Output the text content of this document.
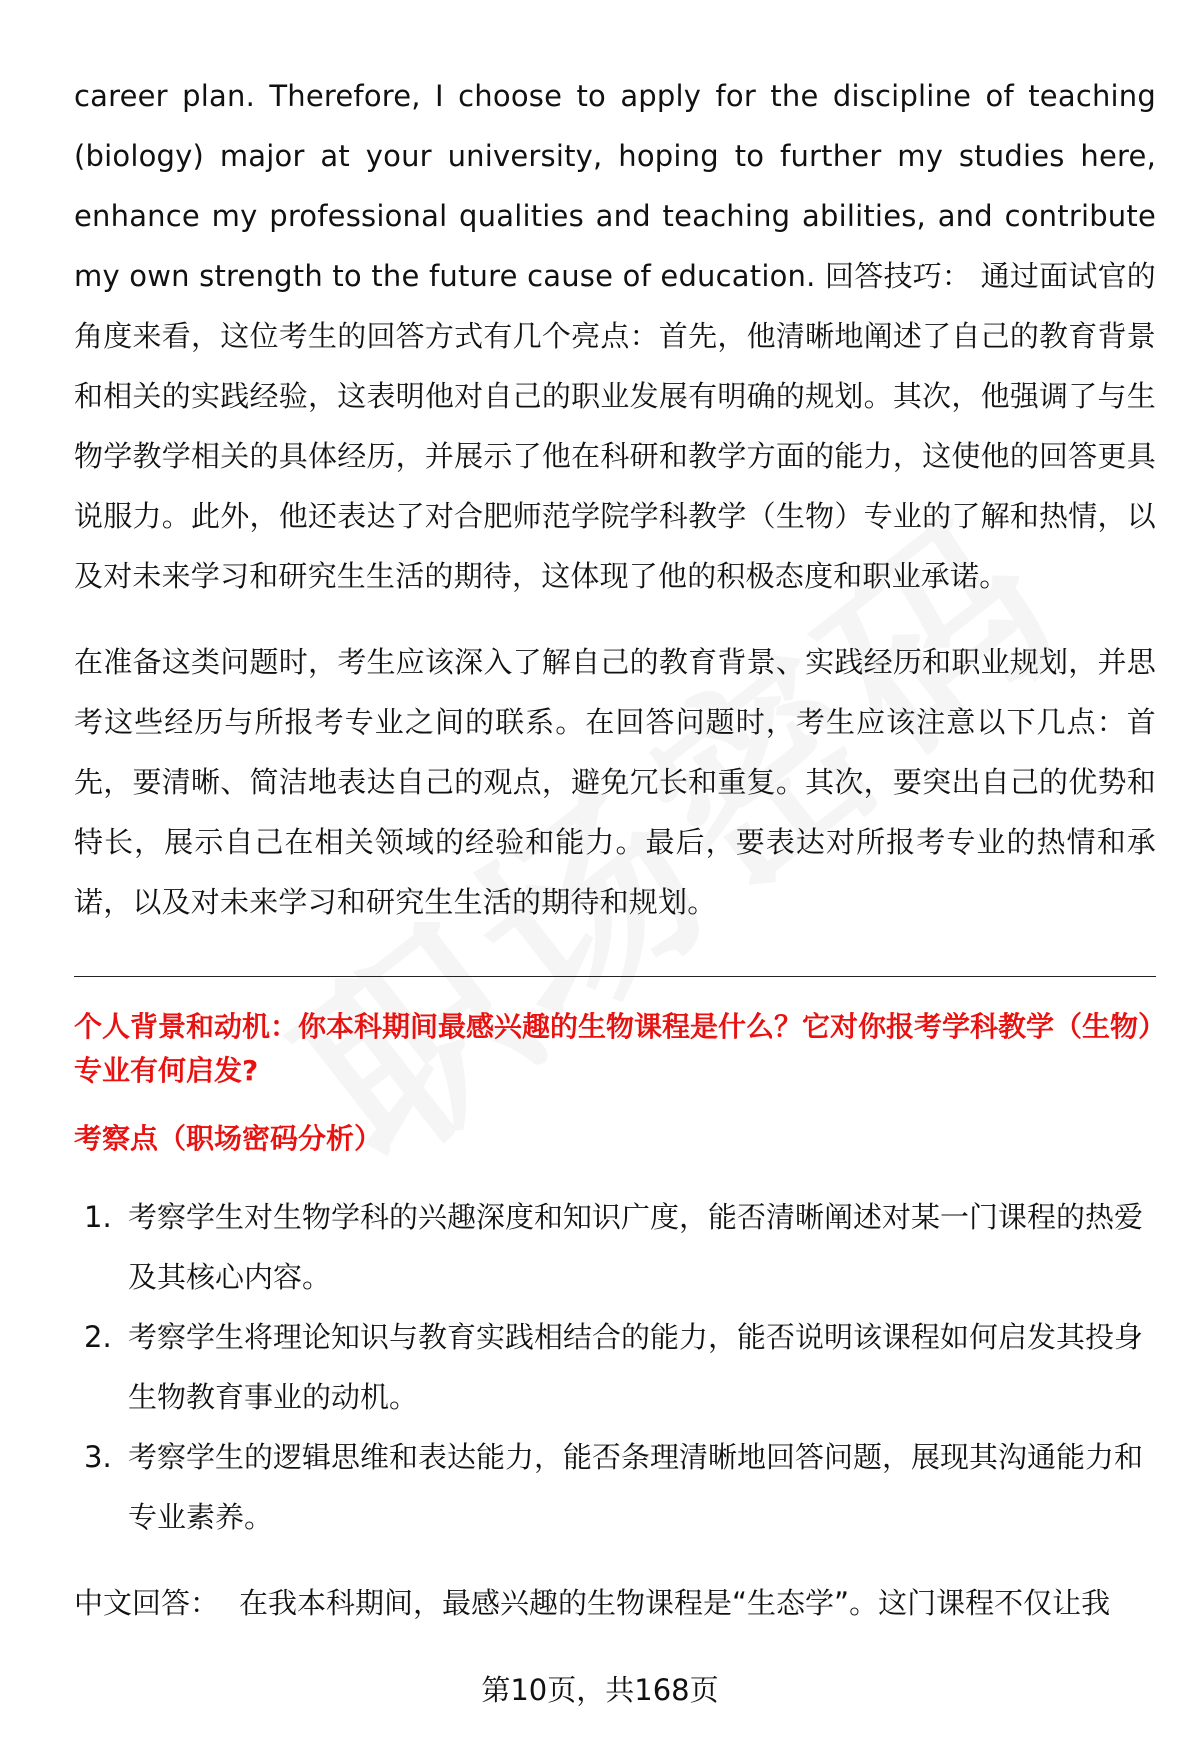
career plan. Therefore, I choose to apply for the discipline of teaching (biology) major at your university, hoping to further my studies here, enhance my professional qualities and teaching abilities, and contribute my own strength to the future cause of education. 回答技巧： 通过面试官的角度来看，这位考生的回答方式有几个亮点：首先，他清晰地阐述了自己的教育背景和相关的实践经验，这表明他对自己的职业发展有明确的规划。其次，他强调了与生物学教学相关的具体经历，并展示了他在科研和教学方面的能力，这使他的回答更具说服力。此外，他还表达了对合肥师范学院学科教学（生物）专业的了解和热情，以及对未来学习和研究生生活的期待，这体现了他的积极态度和职业承诺。

在准备这类问题时，考生应该深入了解自己的教育背景、实践经历和职业规划，并思考这些经历与所报考专业之间的联系。在回答问题时，考生应该注意以下几点：首先，要清晰、简洁地表达自己的观点，避免冗长和重复。其次，要突出自己的优势和特长，展示自己在相关领域的经验和能力。最后，要表达对所报考专业的热情和承诺，以及对未来学习和研究生生活的期待和规划。

个人背景和动机：你本科期间最感兴趣的生物课程是什么？它对你报考学科教学（生物）专业有何启发?

考察点（职场密码分析）

1. 考察学生对生物学科的兴趣深度和知识广度，能否清晰阐述对某一门课程的热爱及其核心内容。
2. 考察学生将理论知识与教育实践相结合的能力，能否说明该课程如何启发其投身生物教育事业的动机。
3. 考察学生的逻辑思维和表达能力，能否条理清晰地回答问题，展现其沟通能力和专业素养。

中文回答： 在我本科期间，最感兴趣的生物课程是“生态学”。这门课程不仅让我

第10页，共168页
